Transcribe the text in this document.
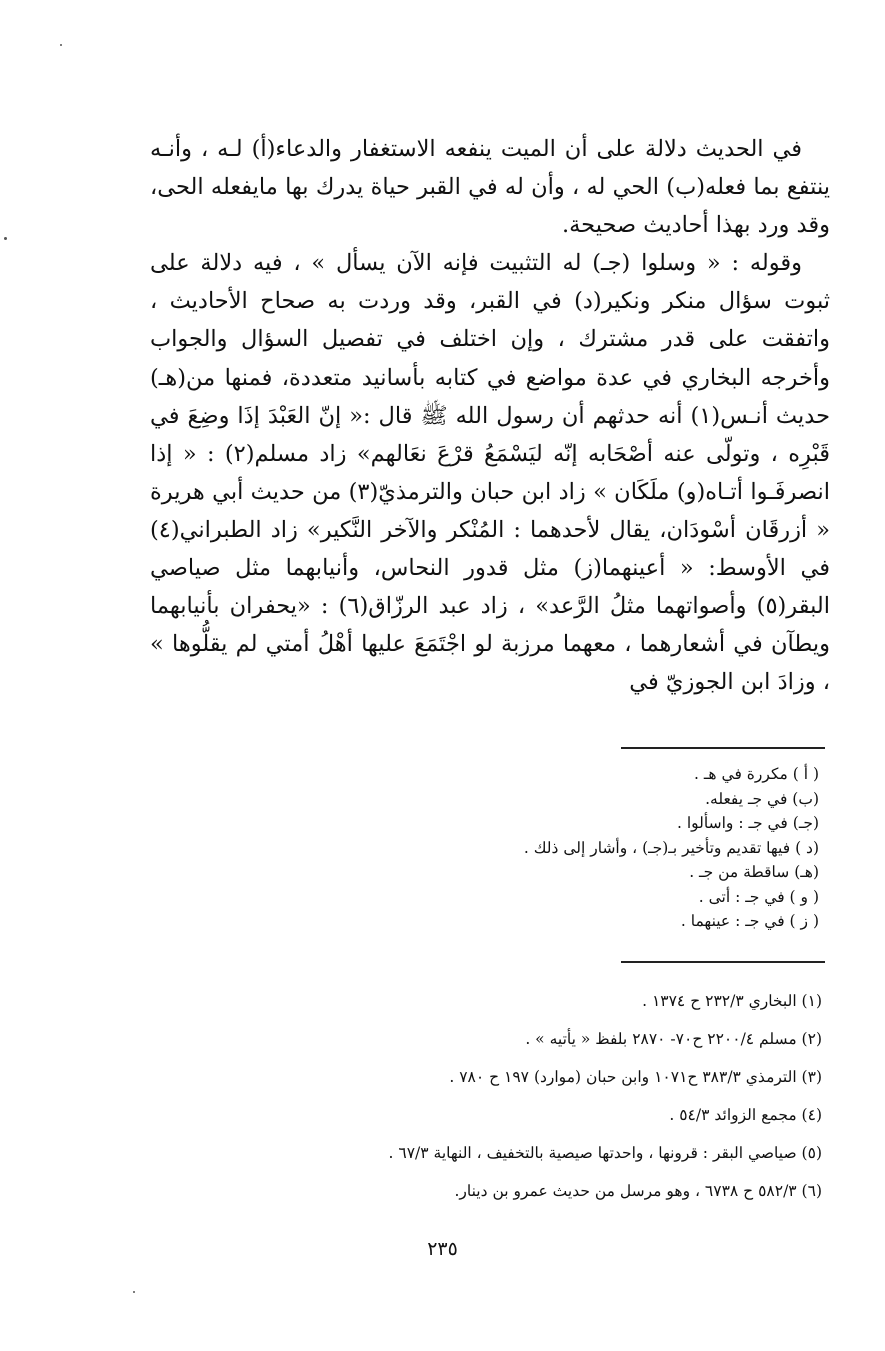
في الحديث دلالة على أن الميت ينفعه الاستغفار والدعاء(أ) لـه ، وأنـه ينتفع بما فعله(ب) الحي له ، وأن له في القبر حياة يدرك بها مايفعله الحى، وقد ورد بهذا أحاديث صحيحة.

وقوله : « وسلوا (جـ) له التثبيت فإنه الآن يسأل » ، فيه دلالة على ثبوت سؤال منكر ونكير(د) في القبر، وقد وردت به صحاح الأحاديث ، واتفقت على قدر مشترك ، وإن اختلف في تفصيل السؤال والجواب وأخرجه البخاري في عدة مواضع في كتابه بأسانيد متعددة، فمنها من(هـ) حديث أنـس(١) أنه حدثهم أن رسول الله ﷺ قال :« إنّ العَبْدَ إذَا وضِعَ في قَبْرِه ، وتولّى عنه أصْحَابه إنّه ليَسْمَعُ قرْعَ نعَالهم» زاد مسلم(٢) : « إذا انصرفَـوا أتـاه(و) ملَكَان » زاد ابن حبان والترمذيّ(٣) من حديث أبي هريرة « أزرقَان أسْودَان، يقال لأحدهما : المُنْكر والآخر النَّكير» زاد الطبراني(٤) في الأوسط: « أعينهما(ز) مثل قدور النحاس، وأنيابهما مثل صياصي البقر(٥) وأصواتهما مثلُ الرَّعد» ، زاد عبد الرزّاق(٦) : «يحفران بأنيابهما ويطآن في أشعارهما ، معهما مرزبة لو اجْتَمَعَ عليها أهْلُ أمتي لم يقلُّوها » ، وزادَ ابن الجوزيّ في

( أ ) مكررة في هـ .
(ب) في جـ يفعله.
(جـ) في جـ : واسألوا .
(د ) فيها تقديم وتأخير بـ(جـ) ، وأشار إلى ذلك .
(هـ) ساقطة من جـ .
( و ) في جـ : أتى .
( ز ) في جـ : عينهما .
(١) البخاري ٢٣٢/٣ ح ١٣٧٤ .
(٢) مسلم ٢٢٠٠/٤ ح٧٠- ٢٨٧٠ بلفظ « يأتيه » .
(٣) الترمذي ٣٨٣/٣ ح١٠٧١ وابن حبان (موارد) ١٩٧ ح ٧٨٠ .
(٤) مجمع الزوائد ٥٤/٣ .
(٥) صياصي البقر : قرونها ، واحدتها صيصية بالتخفيف ، النهاية ٦٧/٣ .
(٦) ٥٨٢/٣ ح ٦٧٣٨ ، وهو مرسل من حديث عمرو بن دينار.
٢٣٥
